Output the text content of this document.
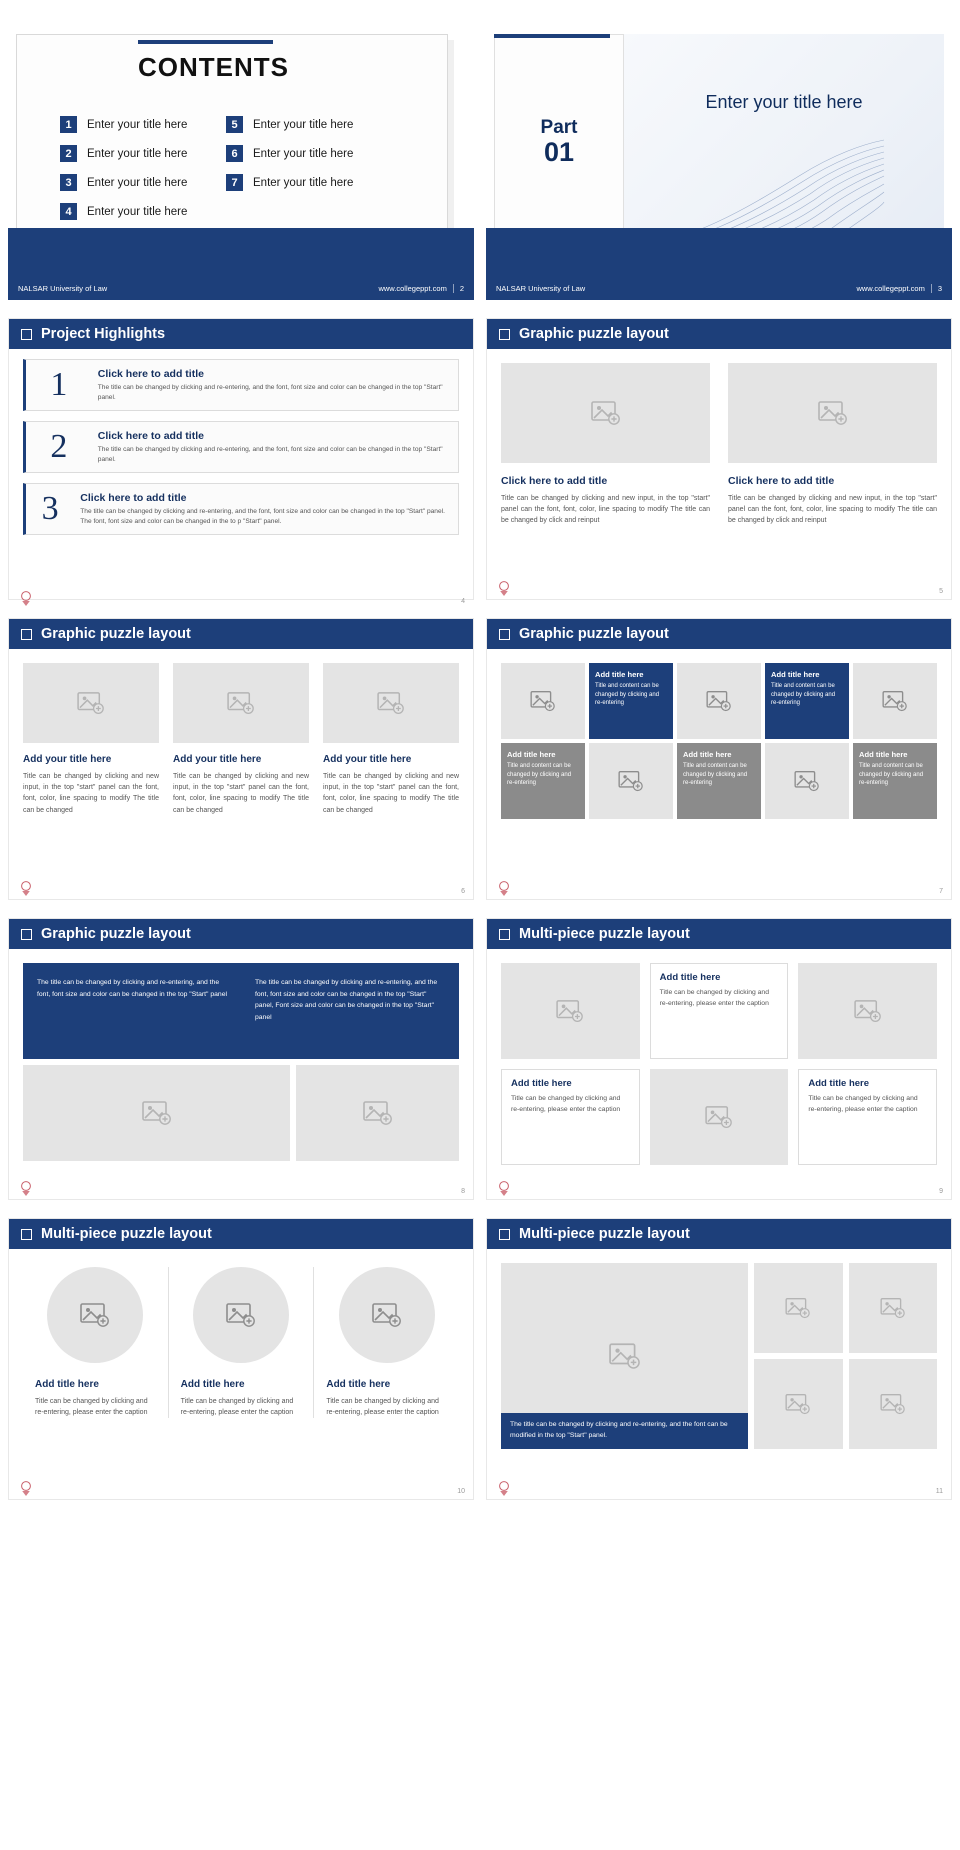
CONTENTS
1	Enter your title here
2	Enter your title here
3	Enter your title here
4	Enter your title here
5	Enter your title here
6	Enter your title here
7	Enter your title here
NALSAR University of Law	www.collegeppt.com	2
Part
01
Enter your title here
NALSAR University of Law	www.collegeppt.com	3
Project Highlights
1	Click here to add title

The title can be changed by clicking and re-entering, and the font, font size and color can be changed in the top "Start" panel.

2	Click here to add title

The title can be changed by clicking and re-entering, and the font, font size and color can be changed in the top "Start" panel.

3	Click here to add title

The title can be changed by clicking and re-entering, and the font, font size and color can be changed in the top "Start" panel. The font, font size and color can be changed in the to p "Start" panel.

4
Graphic puzzle layout
Click here to add title

Title can be changed by clicking and new input, in the top "start" panel can the font, font, color, line spacing to modify The title can be changed by click and reinput

Click here to add title

Title can be changed by clicking and new input, in the top "start" panel can the font, font, color, line spacing to modify The title can be changed by click and reinput

5
Graphic puzzle layout
Add your title here

Title can be changed by clicking and new input, in the top "start" panel can the font, font, color, line spacing to modify The title can be changed

Add your title here

Title can be changed by clicking and new input, in the top "start" panel can the font, font, color, line spacing to modify The title can be changed

Add your title here

Title can be changed by clicking and new input, in the top "start" panel can the font, font, color, line spacing to modify The title can be changed

6
Graphic puzzle layout
Add title here
Title and content can be changed by clicking and re-entering
Add title here
Title and content can be changed by clicking and re-entering
Add title here
Title and content can be changed by clicking and re-entering
Add title here
Title and content can be changed by clicking and re-entering
Add title here
Title and content can be changed by clicking and re-entering
7
Graphic puzzle layout
The title can be changed by clicking and re-entering, and the font, font size and color can be changed in the top "Start" panel
The title can be changed by clicking and re-entering, and the font, font size and color can be changed in the top "Start" panel, Font size and color can be changed in the top "Start" panel
8
Multi-piece puzzle layout
Add title here

Title can be changed by clicking and re-entering, please enter the caption

Add title here

Title can be changed by clicking and re-entering, please enter the caption

Add title here

Title can be changed by clicking and re-entering, please enter the caption

9
Multi-piece puzzle layout
Add title here

Title can be changed by clicking and re-entering, please enter the caption

Add title here

Title can be changed by clicking and re-entering, please enter the caption

Add title here

Title can be changed by clicking and re-entering, please enter the caption

10
Multi-piece puzzle layout
The title can be changed by clicking and re-entering, and the font can be modified in the top "Start" panel.
11
